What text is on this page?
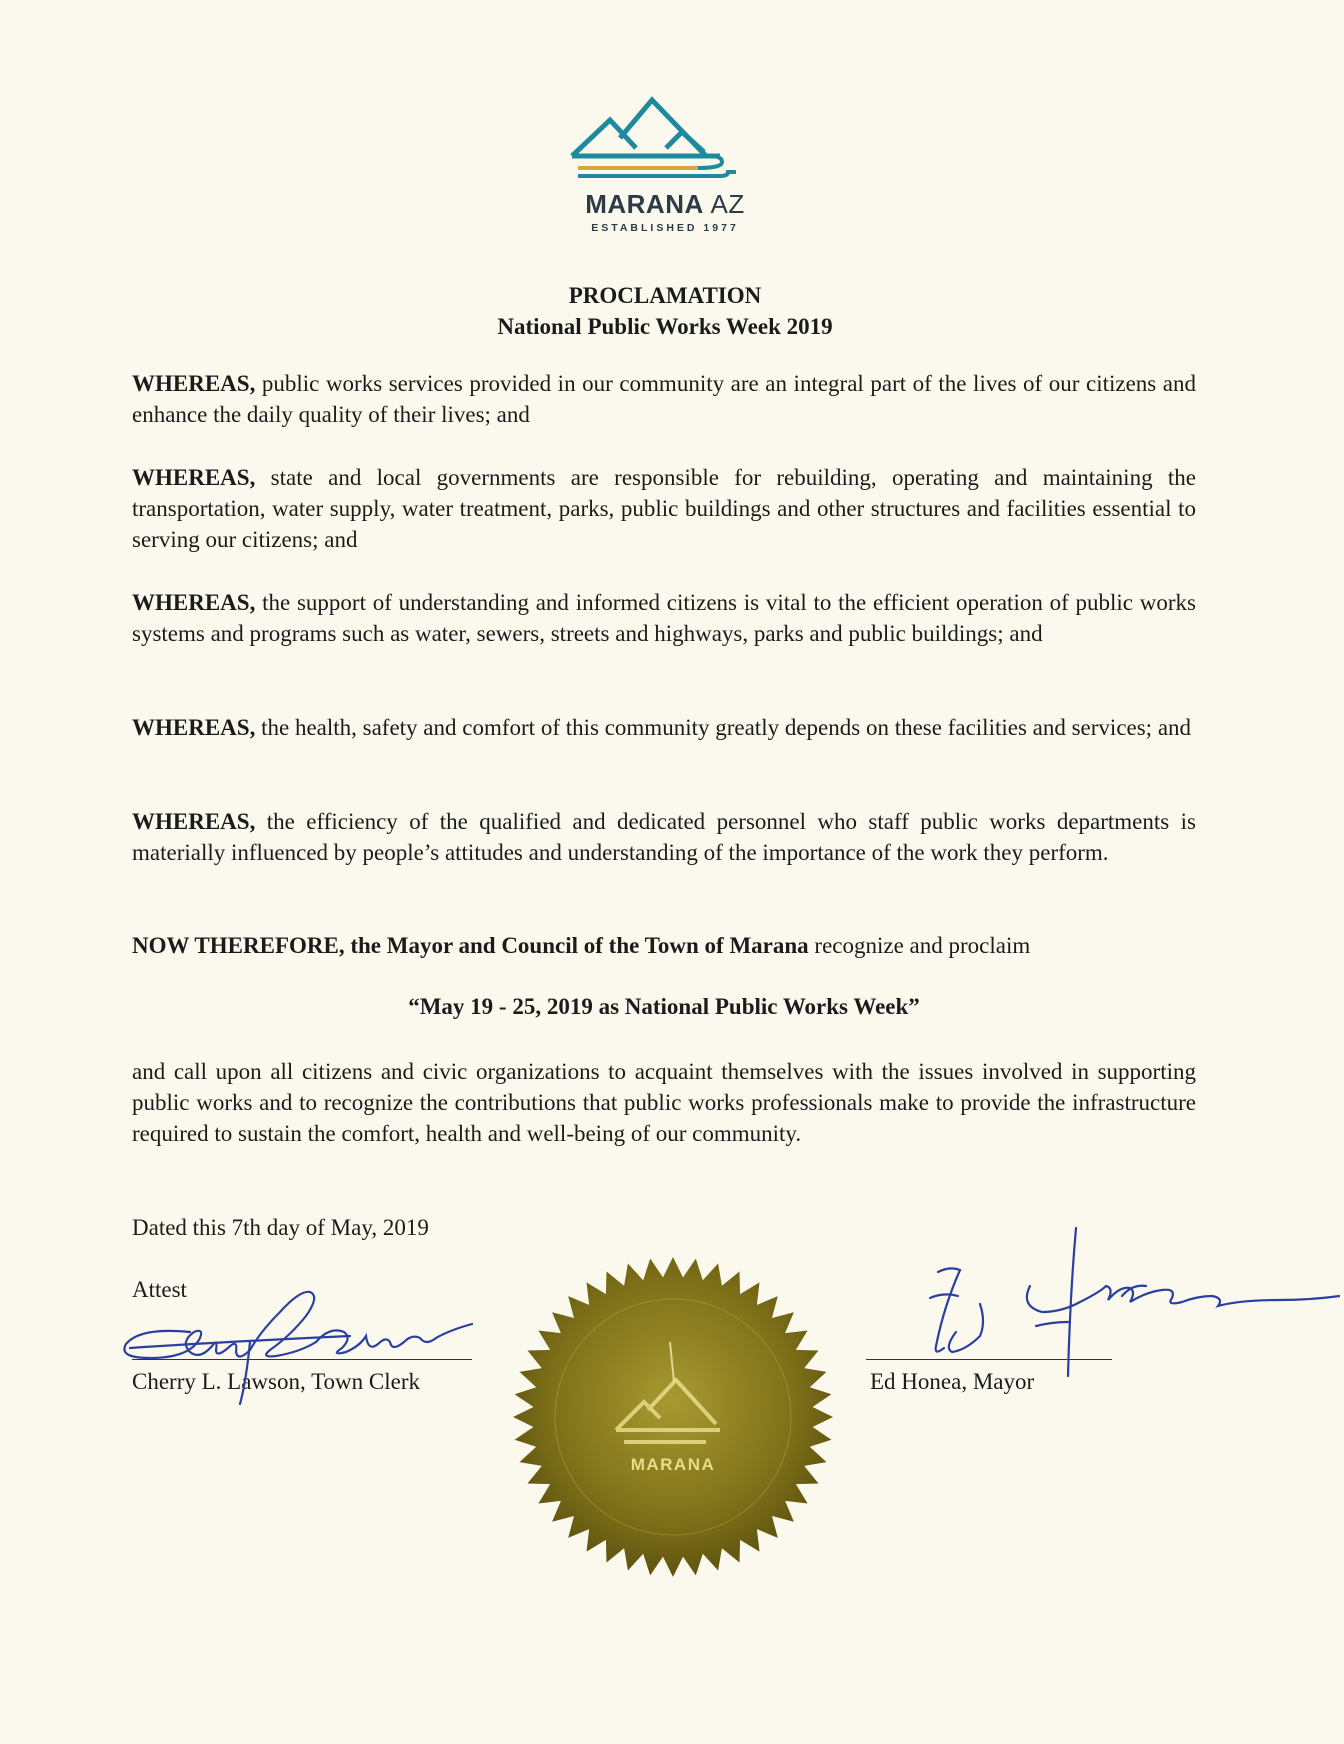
MARANA AZ
ESTABLISHED 1977
PROCLAMATION
National Public Works Week 2019
WHEREAS, public works services provided in our community are an integral part of the lives of our citizens and enhance the daily quality of their lives; and
WHEREAS, state and local governments are responsible for rebuilding, operating and maintaining the transportation, water supply, water treatment, parks, public buildings and other structures and facilities essential to serving our citizens; and
WHEREAS, the support of understanding and informed citizens is vital to the efficient operation of public works systems and programs such as water, sewers, streets and highways, parks and public buildings; and
WHEREAS, the health, safety and comfort of this community greatly depends on these facilities and services; and
WHEREAS, the efficiency of the qualified and dedicated personnel who staff public works departments is materially influenced by people’s attitudes and understanding of the importance of the work they perform.
NOW THEREFORE, the Mayor and Council of the Town of Marana recognize and proclaim
“May 19 - 25, 2019 as National Public Works Week”
and call upon all citizens and civic organizations to acquaint themselves with the issues involved in supporting public works and to recognize the contributions that public works professionals make to provide the infrastructure required to sustain the comfort, health and well-being of our community.
Dated this 7th day of May, 2019
Attest
Cherry L. Lawson, Town Clerk
MARANA
Ed Honea, Mayor
